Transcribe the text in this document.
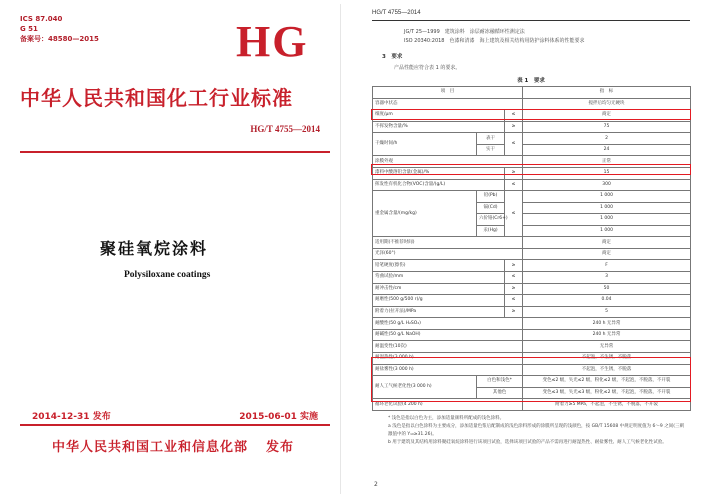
ICS 87.040
G 51
备案号：48580—2015	HG
中华人民共和国化工行业标准
HG/T 4755—2014
聚硅氧烷涂料
Polysiloxane coatings
2014-12-31 发布	2015-06-01 实施
中华人民共和国工业和信息化部 发布
HG/T 4755—2014
JG/T 25—1999　建筑涂料　涂层耐冻融循环性测定法
ISO 20340:2018　色漆和清漆　海上建筑及相关结构用防护涂料体系的性能要求
3　要求
产品性能应符合表 1 的要求。
表 1　要求
项　目			指　标
容器中状态			搅拌后均匀无硬块
细度/μm		≤	商定
不挥发物含量/%		≥	75
干燥时间/h	表干	≤	2
	实干		24
涂膜外观			正常
漆料中酸溶铅含量(金属)/%		≥	15
挥发性有机化合物(VOC)含量/(g/L)		≤	300
重金属含量/(mg/kg)	铅(Pb)	≤	1 000
	镉(Cd)		1 000
	六价铬(Cr6+)		1 000
	汞(Hg)		1 000
适用期(不推荐时间)			商定
光泽(60°)			商定
铅笔硬度(擦伤)		≥	F
弯曲试验/mm		≤	3
耐冲击性/cm		≥	50
耐磨性(500 g/500 r)/g		≤	0.04
附着力(拉开法)/MPa		≥	5
耐酸性(50 g/L H₂SO₄)			240 h 无异常
耐碱性(50 g/L NaOH)			240 h 无异常
耐温变性(10次)			无异常
耐湿热性(3 000 h)			不起泡，不生锈，不脱落
耐盐雾性(3 000 h)			不起泡，不生锈，不脱落
耐人工气候老化性(3 000 h)	白色和浅色*		变色≤2 级，失光≤2 级，粉化≤2 级，不起泡，不脱落，不开裂
	其他色		变色≤3 级，失光≤3 级，粉化≤2 级，不起泡，不脱落，不开裂
循环老化试验(4 200 h)			附着力≥5 MPa，不起泡，不生锈，不脱落，不开裂
* 浅色是指以白色为主，添加适量颜料所配成的浅色涂料。
a 浅色是指以白色涂料为主要成分，添加适量色浆后配制成的浅色涂料形成的涂膜所呈现的浅颜色，按 GB/T 15608 中规定明度值为 6～9 之间(三刺激值中的 Y₁₀≥31.26)。
b 用于建筑及其结构用涂料聚硅氧烷涂料进行该项目试验，选择该项目试验的产品不需再进行耐湿热性、耐盐雾性、耐人工气候老化性试验。
2
